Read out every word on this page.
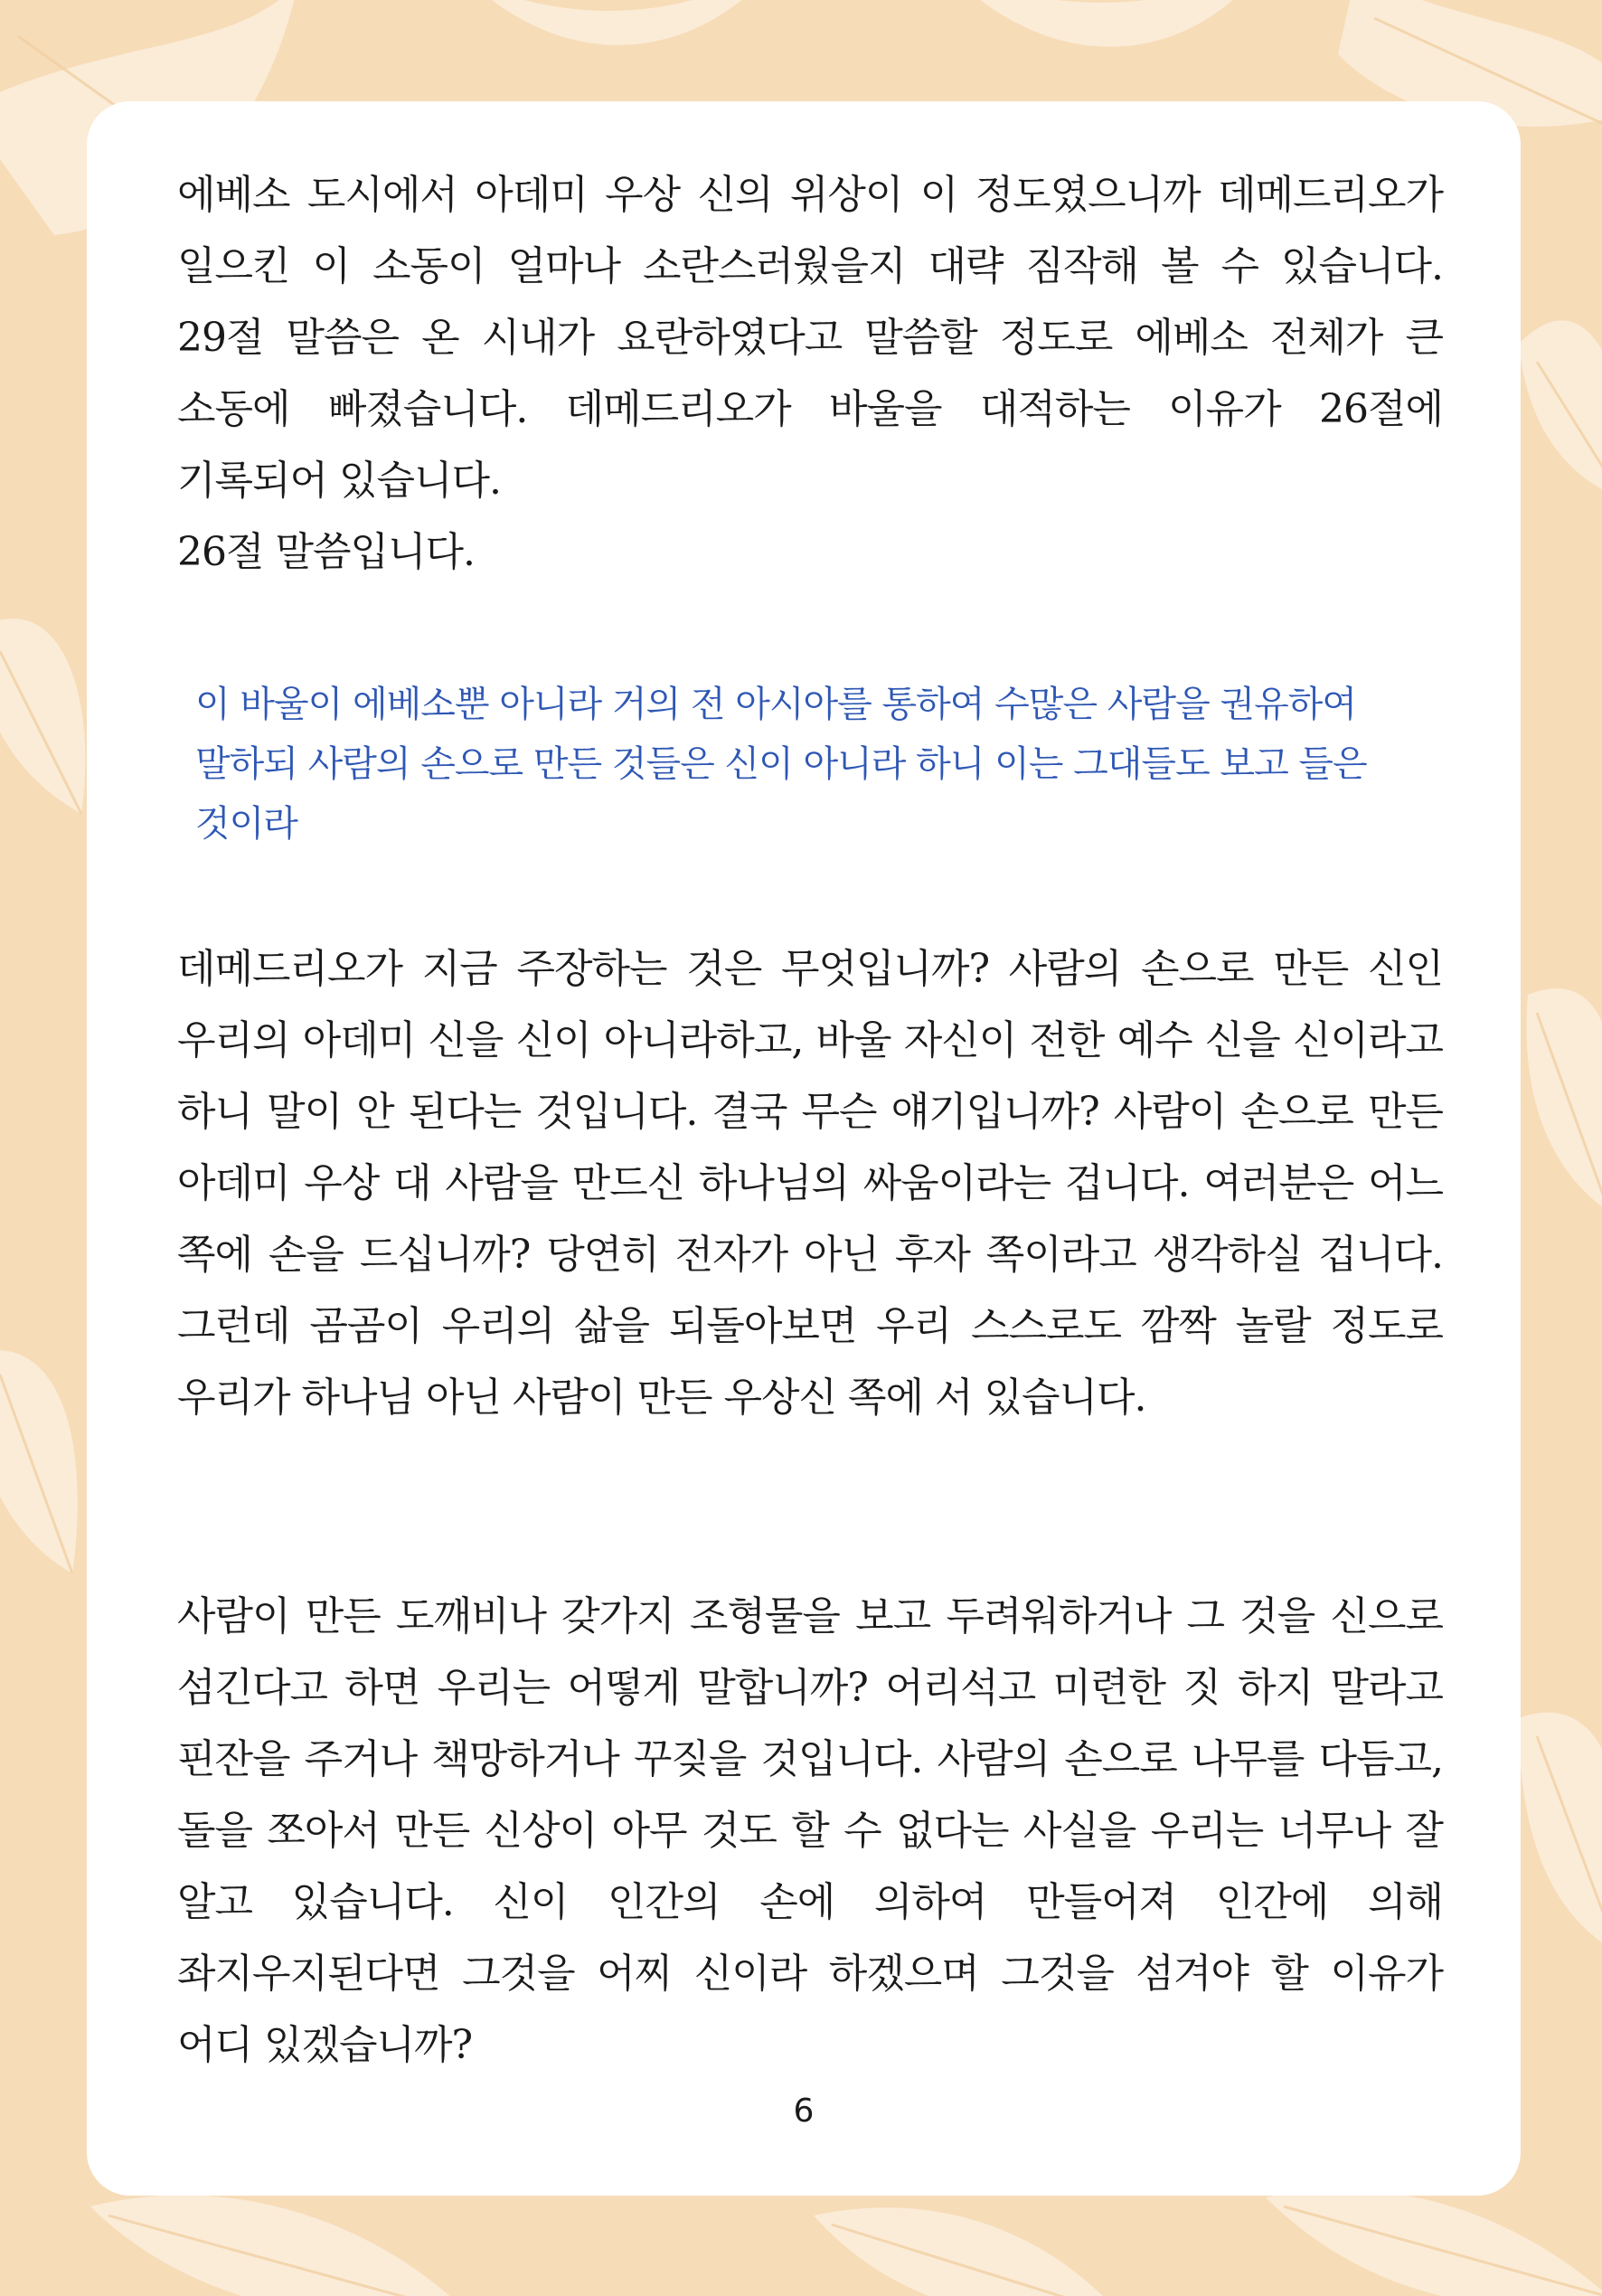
에베소 도시에서 아데미 우상 신의 위상이 이 정도였으니까 데메드리오가 일으킨 이 소동이 얼마나 소란스러웠을지 대략 짐작해 볼 수 있습니다. 29절 말씀은 온 시내가 요란하였다고 말씀할 정도로 에베소 전체가 큰 소동에 빠졌습니다. 데메드리오가 바울을 대적하는 이유가 26절에 기록되어 있습니다.
26절 말씀입니다.

이 바울이 에베소뿐 아니라 거의 전 아시아를 통하여 수많은 사람을 권유하여 말하되 사람의 손으로 만든 것들은 신이 아니라 하니 이는 그대들도 보고 들은 것이라

데메드리오가 지금 주장하는 것은 무엇입니까? 사람의 손으로 만든 신인 우리의 아데미 신을 신이 아니라하고, 바울 자신이 전한 예수 신을 신이라고 하니 말이 안 된다는 것입니다. 결국 무슨 얘기입니까? 사람이 손으로 만든 아데미 우상 대 사람을 만드신 하나님의 싸움이라는 겁니다. 여러분은 어느 쪽에 손을 드십니까? 당연히 전자가 아닌 후자 쪽이라고 생각하실 겁니다. 그런데 곰곰이 우리의 삶을 되돌아보면 우리 스스로도 깜짝 놀랄 정도로 우리가 하나님 아닌 사람이 만든 우상신 쪽에 서 있습니다.

사람이 만든 도깨비나 갖가지 조형물을 보고 두려워하거나 그 것을 신으로 섬긴다고 하면 우리는 어떻게 말합니까? 어리석고 미련한 짓 하지 말라고 핀잔을 주거나 책망하거나 꾸짖을 것입니다. 사람의 손으로 나무를 다듬고, 돌을 쪼아서 만든 신상이 아무 것도 할 수 없다는 사실을 우리는 너무나 잘 알고 있습니다. 신이 인간의 손에 의하여 만들어져 인간에 의해 좌지우지된다면 그것을 어찌 신이라 하겠으며 그것을 섬겨야 할 이유가 어디 있겠습니까?

6
